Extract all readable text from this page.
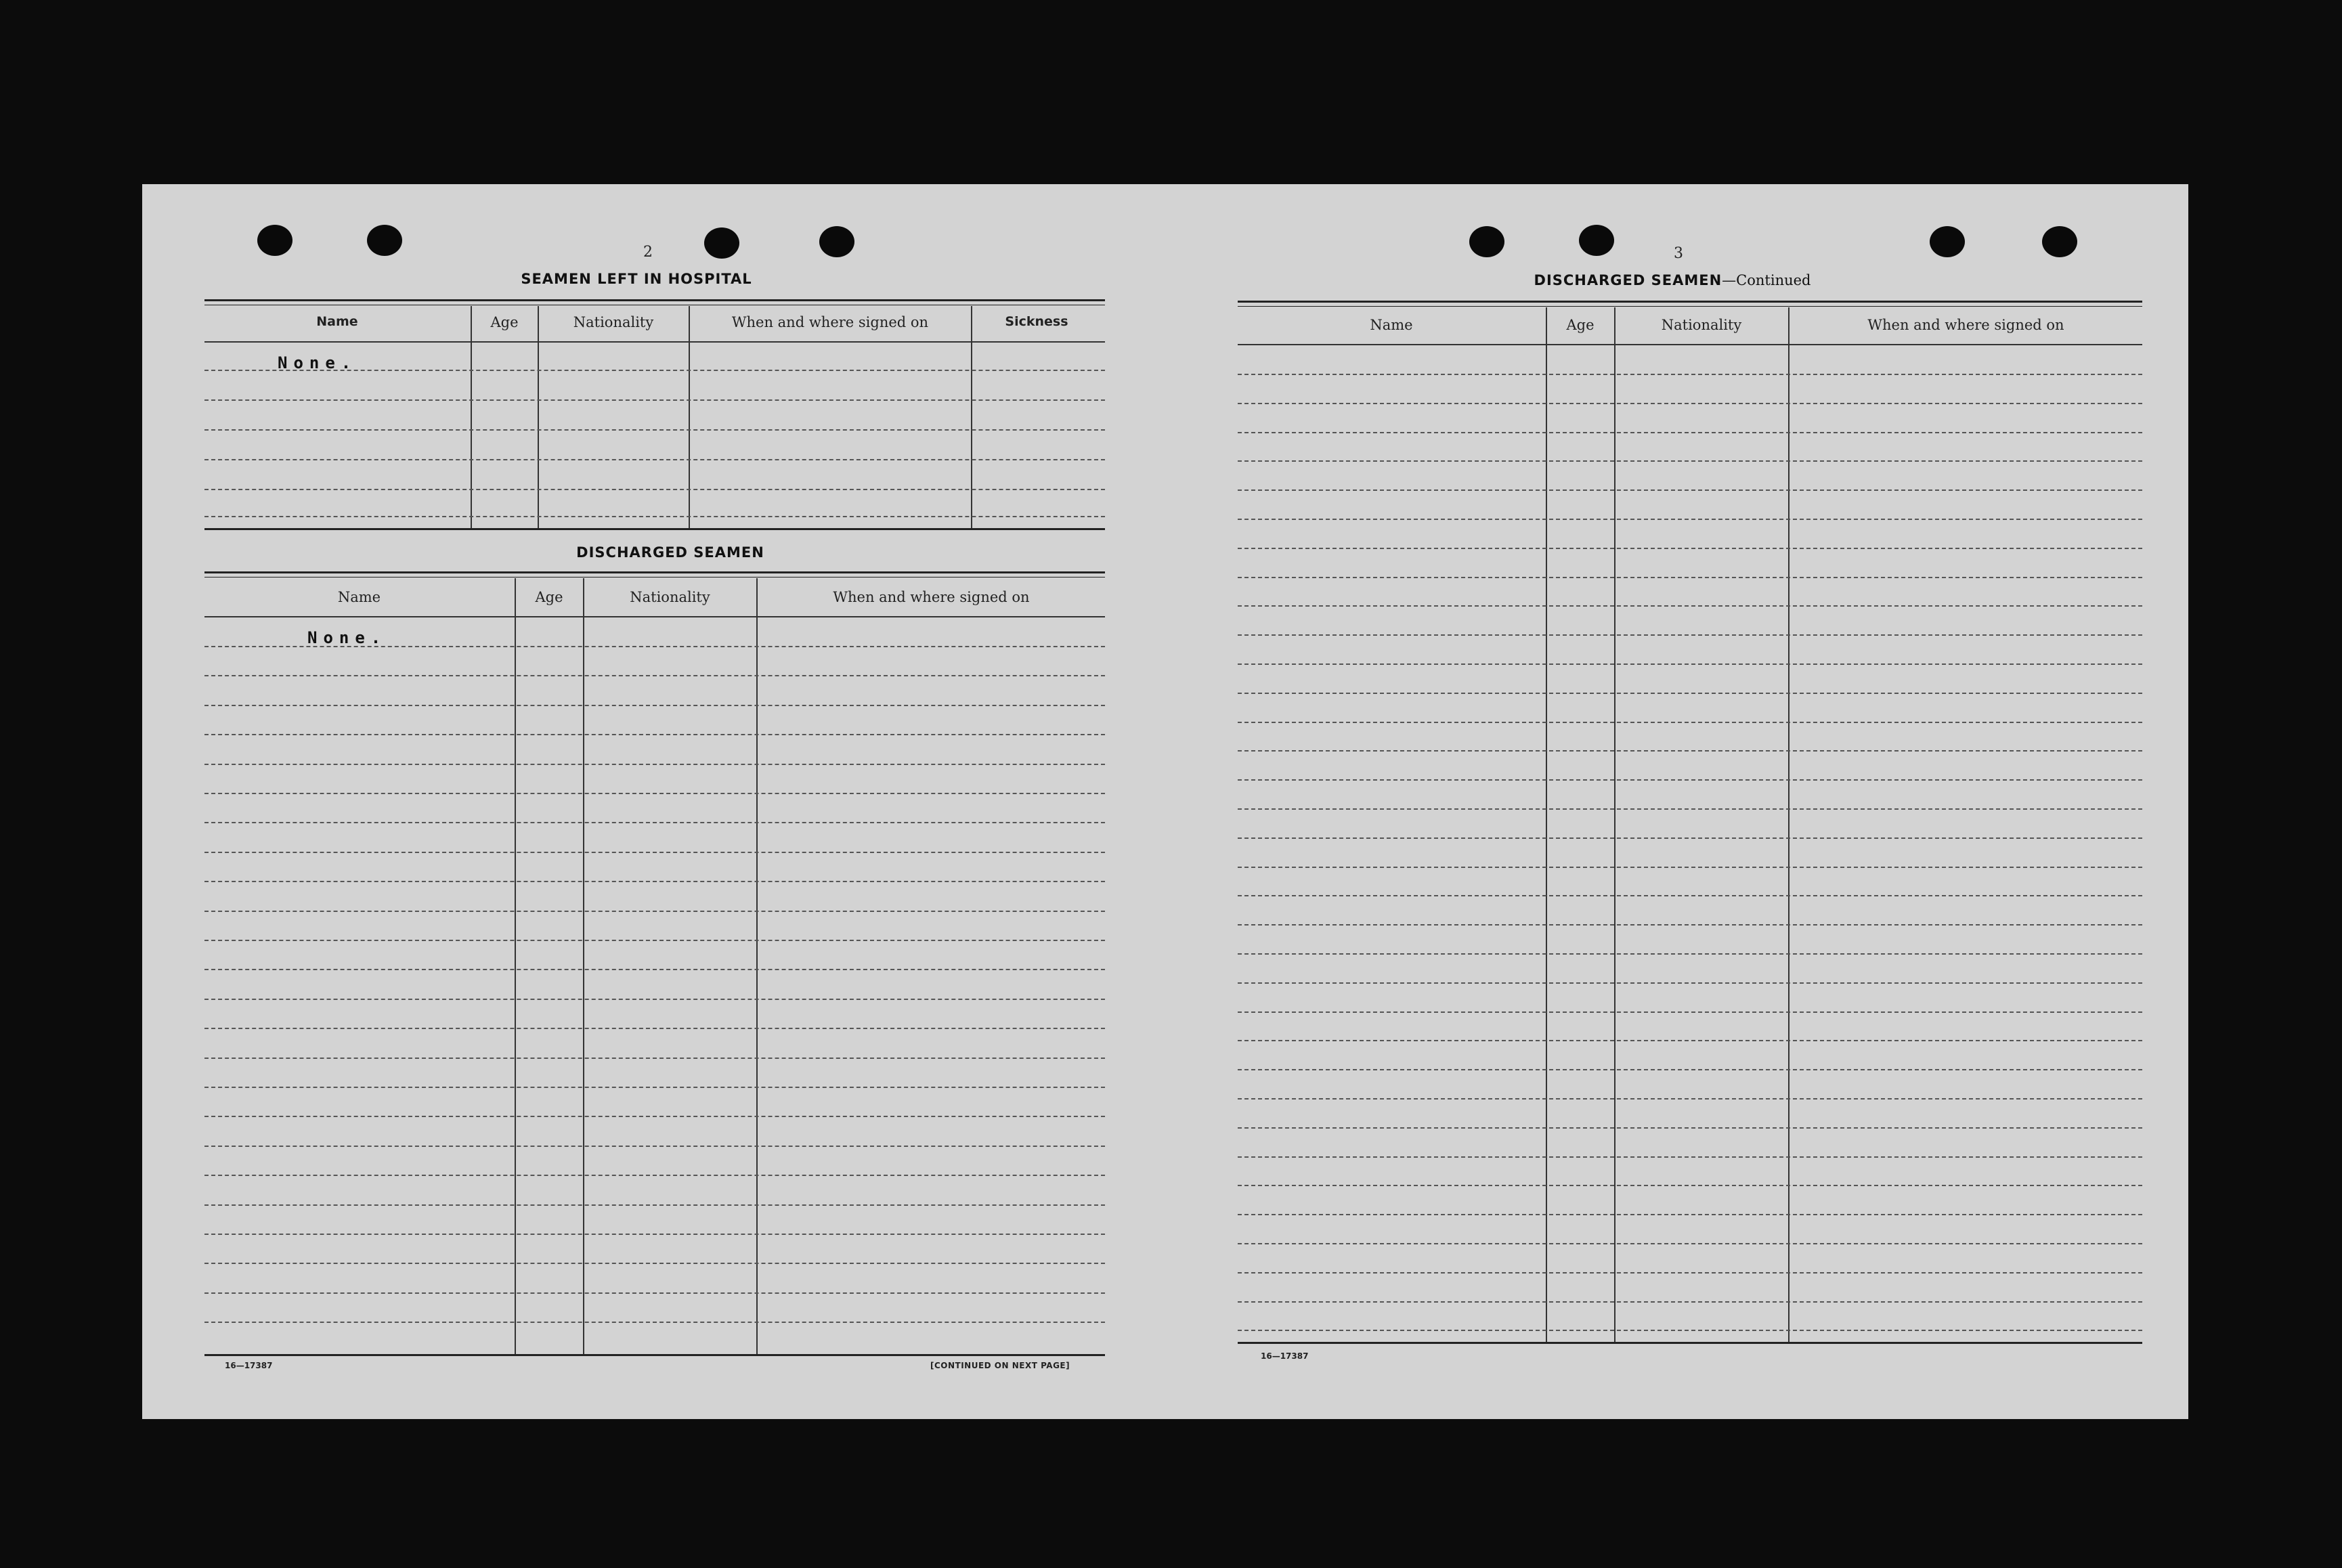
2
SEAMEN LEFT IN HOSPITAL
Name	Age	Nationality	When and where signed on	Sickness
None.
DISCHARGED SEAMEN
Name	Age	Nationality	When and where signed on
None.
16—17387	[CONTINUED ON NEXT PAGE]
3
DISCHARGED SEAMEN—Continued
Name	Age	Nationality	When and where signed on
16—17387
